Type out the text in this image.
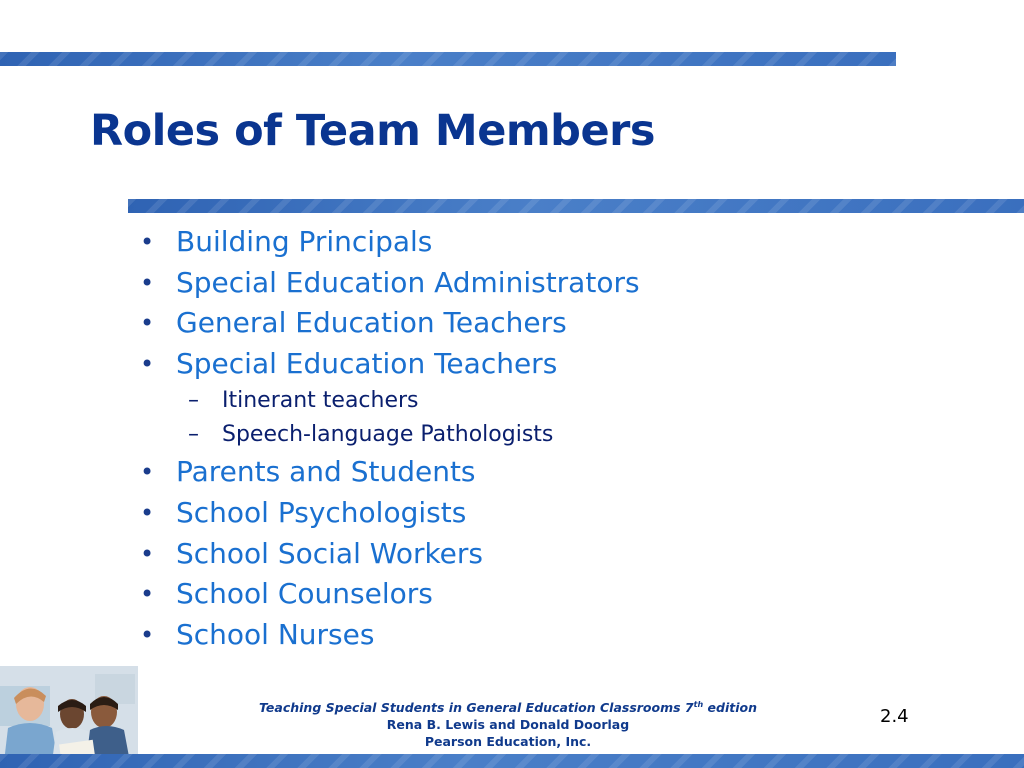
Roles of Team Members
• Building Principals
• Special Education Administrators
• General Education Teachers
• Special Education Teachers
– Itinerant teachers
– Speech-language Pathologists
• Parents and Students
• School Psychologists
• School Social Workers
• School Counselors
• School Nurses
Teaching Special Students in General Education Classrooms 7th edition
Rena B. Lewis and Donald Doorlag
Pearson Education, Inc.
2.4
